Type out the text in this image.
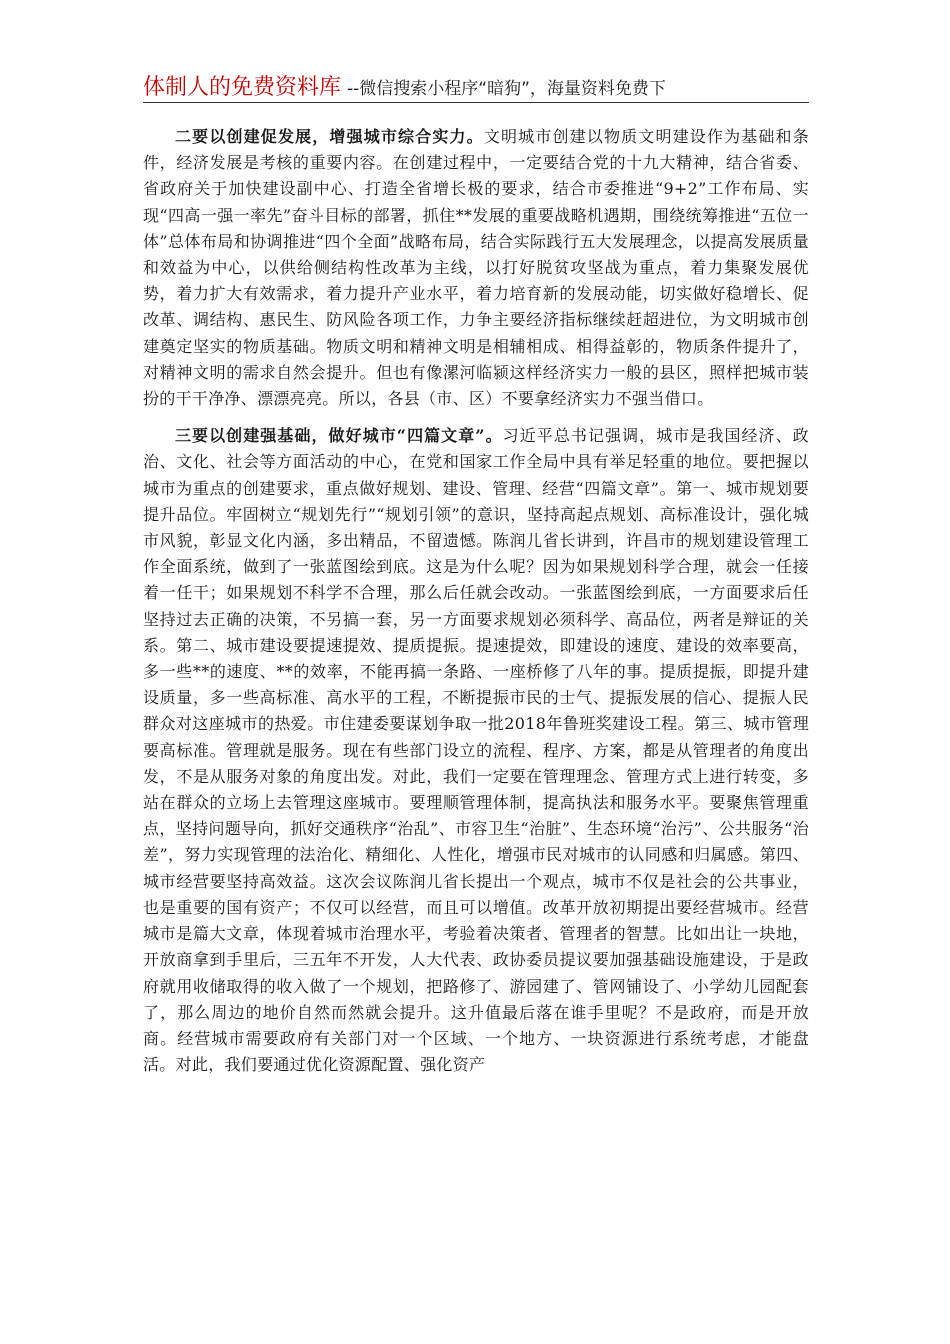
体制人的免费资料库 --微信搜索小程序“暗狗”，海量资料免费下

二要以创建促发展，增强城市综合实力。文明城市创建以物质文明建设作为基础和条件，经济发展是考核的重要内容。在创建过程中，一定要结合党的十九大精神，结合省委、省政府关于加快建设副中心、打造全省增长极的要求，结合市委推进“9+2”工作布局、实现“四高一强一率先”奋斗目标的部署，抓住**发展的重要战略机遇期，围绕统筹推进“五位一体”总体布局和协调推进“四个全面”战略布局，结合实际践行五大发展理念，以提高发展质量和效益为中心，以供给侧结构性改革为主线，以打好脱贫攻坚战为重点，着力集聚发展优势，着力扩大有效需求，着力提升产业水平，着力培育新的发展动能，切实做好稳增长、促改革、调结构、惠民生、防风险各项工作，力争主要经济指标继续赶超进位，为文明城市创建奠定坚实的物质基础。物质文明和精神文明是相辅相成、相得益彰的，物质条件提升了，对精神文明的需求自然会提升。但也有像漯河临颍这样经济实力一般的县区，照样把城市装扮的干干净净、漂漂亮亮。所以，各县（市、区）不要拿经济实力不强当借口。

三要以创建强基础，做好城市“四篇文章”。习近平总书记强调，城市是我国经济、政治、文化、社会等方面活动的中心，在党和国家工作全局中具有举足轻重的地位。要把握以城市为重点的创建要求，重点做好规划、建设、管理、经营“四篇文章”。第一、城市规划要提升品位。牢固树立“规划先行”“规划引领”的意识，坚持高起点规划、高标准设计，强化城市风貌，彰显文化内涵，多出精品，不留遗憾。陈润儿省长讲到，许昌市的规划建设管理工作全面系统，做到了一张蓝图绘到底。这是为什么呢？因为如果规划科学合理，就会一任接着一任干；如果规划不科学不合理，那么后任就会改动。一张蓝图绘到底，一方面要求后任坚持过去正确的决策，不另搞一套，另一方面要求规划必须科学、高品位，两者是辩证的关系。第二、城市建设要提速提效、提质提振。提速提效，即建设的速度、建设的效率要高，多一些**的速度、**的效率，不能再搞一条路、一座桥修了八年的事。提质提振，即提升建设质量，多一些高标准、高水平的工程，不断提振市民的士气、提振发展的信心、提振人民群众对这座城市的热爱。市住建委要谋划争取一批2018年鲁班奖建设工程。第三、城市管理要高标准。管理就是服务。现在有些部门设立的流程、程序、方案，都是从管理者的角度出发，不是从服务对象的角度出发。对此，我们一定要在管理理念、管理方式上进行转变，多站在群众的立场上去管理这座城市。要理顺管理体制，提高执法和服务水平。要聚焦管理重点，坚持问题导向，抓好交通秩序“治乱”、市容卫生“治脏”、生态环境“治污”、公共服务“治差”，努力实现管理的法治化、精细化、人性化，增强市民对城市的认同感和归属感。第四、城市经营要坚持高效益。这次会议陈润儿省长提出一个观点，城市不仅是社会的公共事业，也是重要的国有资产；不仅可以经营，而且可以增值。改革开放初期提出要经营城市。经营城市是篇大文章，体现着城市治理水平，考验着决策者、管理者的智慧。比如出让一块地，开放商拿到手里后，三五年不开发，人大代表、政协委员提议要加强基础设施建设，于是政府就用收储取得的收入做了一个规划，把路修了、游园建了、管网铺设了、小学幼儿园配套了，那么周边的地价自然而然就会提升。这升值最后落在谁手里呢？不是政府，而是开放商。经营城市需要政府有关部门对一个区域、一个地方、一块资源进行系统考虑，才能盘活。对此，我们要通过优化资源配置、强化资产
